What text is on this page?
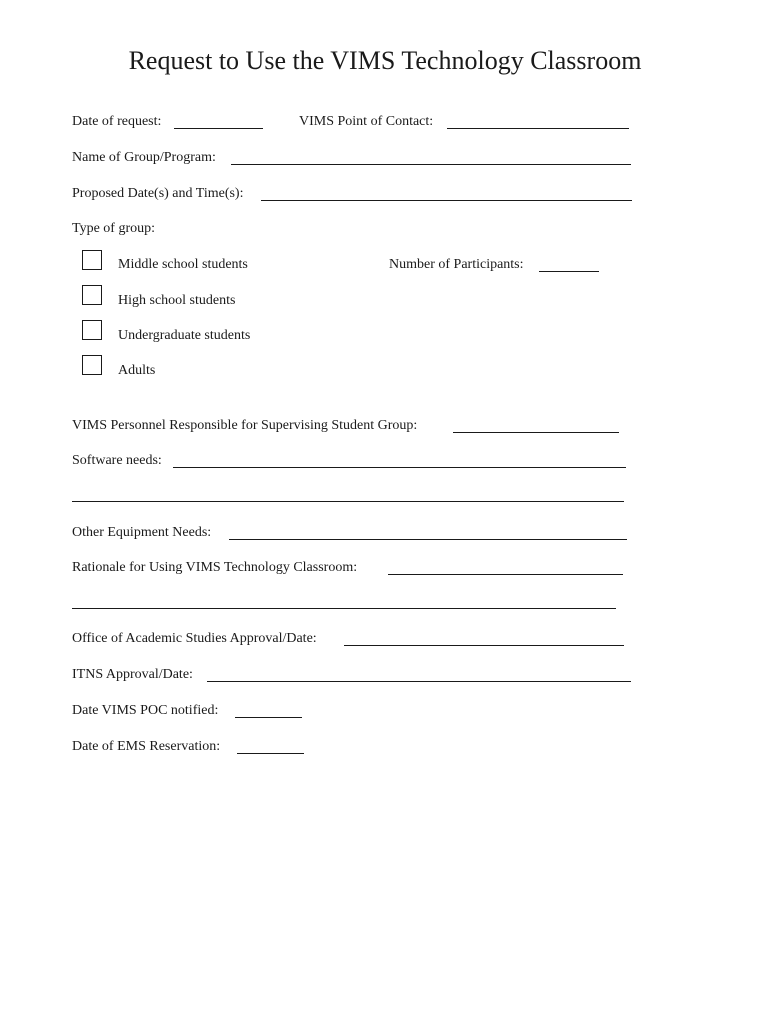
Request to Use the VIMS Technology Classroom
Date of request:	VIMS Point of Contact:
Name of Group/Program:
Proposed Date(s) and Time(s):
Type of group:
Middle school students	Number of Participants:
High school students
Undergraduate students
Adults
VIMS Personnel Responsible for Supervising Student Group:
Software needs:
Other Equipment Needs:
Rationale for Using VIMS Technology Classroom:
Office of Academic Studies Approval/Date:
ITNS Approval/Date:
Date VIMS POC notified:
Date of EMS Reservation:
